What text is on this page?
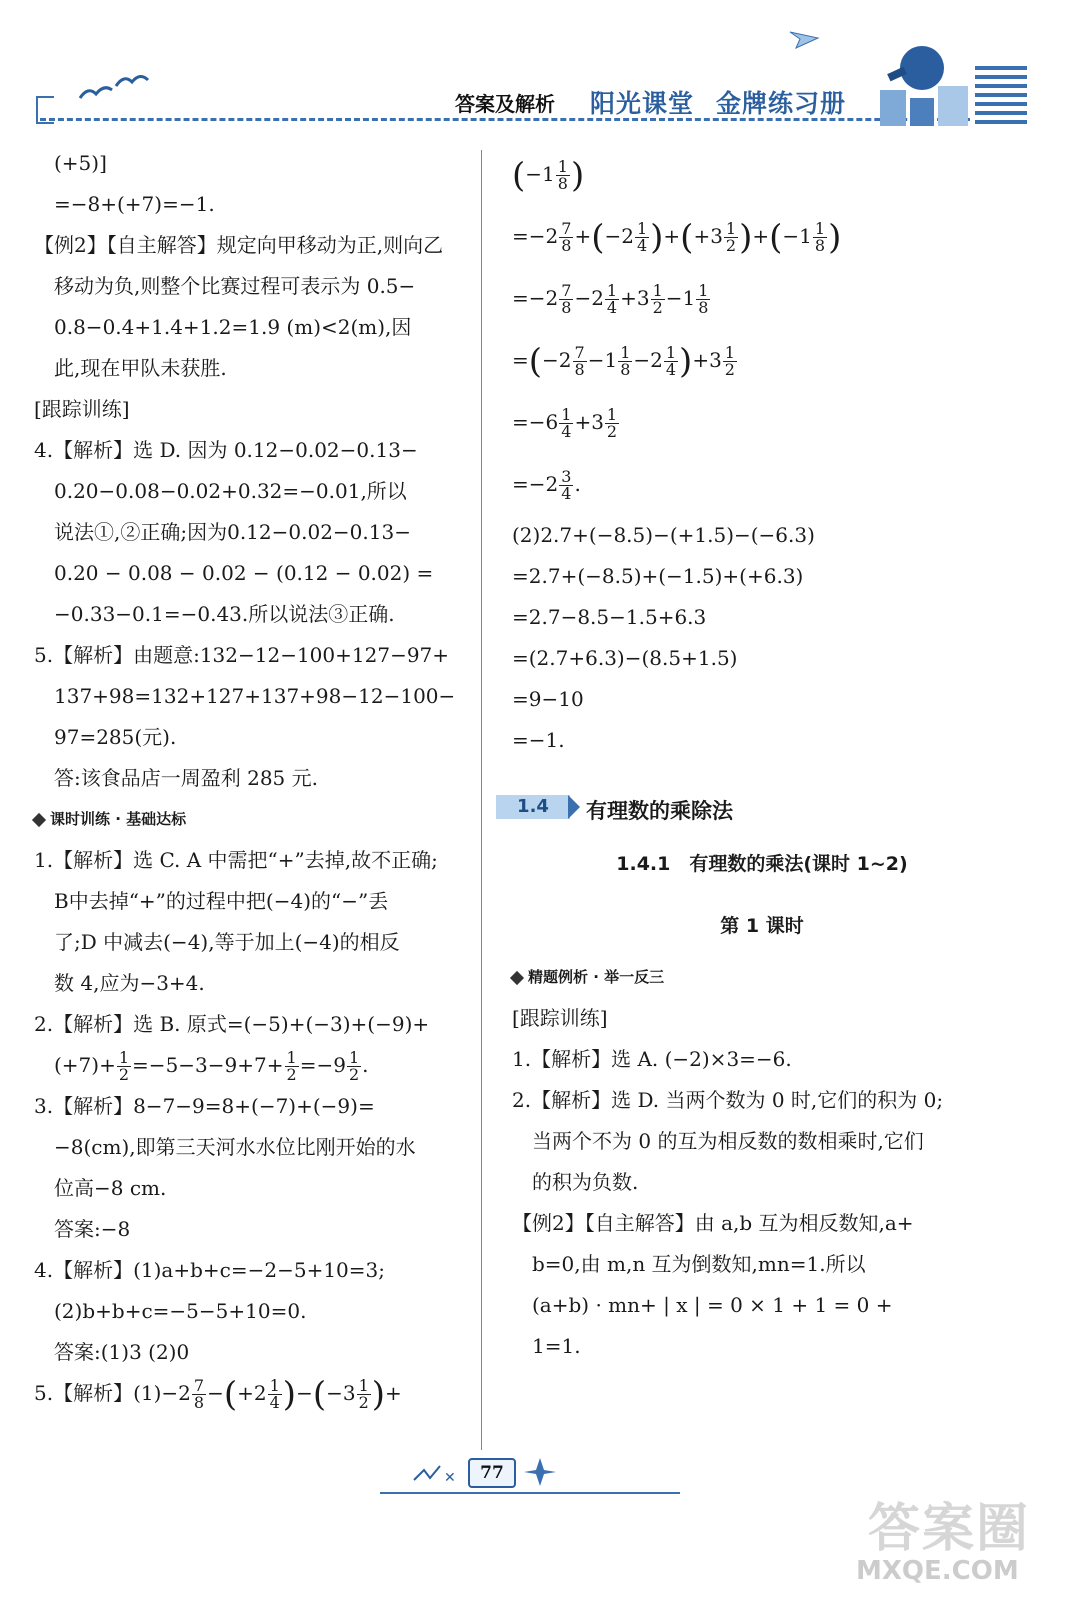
答案及解析 阳光课堂 金牌练习册
(+5)]
=−8+(+7)=−1.
【例2】【自主解答】规定向甲移动为正,则向乙
移动为负,则整个比赛过程可表示为 0.5−
0.8−0.4+1.4+1.2=1.9 (m)<2(m),因
此,现在甲队未获胜.
[跟踪训练]
4.【解析】选 D. 因为 0.12−0.02−0.13−
0.20−0.08−0.02+0.32=−0.01,所以
说法①,②正确;因为0.12−0.02−0.13−
0.20 − 0.08 − 0.02 − (0.12 − 0.02) =
−0.33−0.1=−0.43.所以说法③正确.
5.【解析】由题意:132−12−100+127−97+
137+98=132+127+137+98−12−100−
97=285(元).
答:该食品店一周盈利 285 元.
课时训练 · 基础达标
1.【解析】选 C. A 中需把“+”去掉,故不正确;
B中去掉“+”的过程中把(−4)的“−”丢
了;D 中减去(−4),等于加上(−4)的相反
数 4,应为−3+4.
2.【解析】选 B. 原式=(−5)+(−3)+(−9)+
$(+7)+ \frac{1}{2} =-5-3-9+7+ \frac{1}{2} =-9 \frac{1}{2}$ .
3.【解析】8−7−9=8+(−7)+(−9)=
−8(cm),即第三天河水水位比刚开始的水
位高−8 cm.
答案:−8
4.【解析】(1)a+b+c=−2−5+10=3;
(2)b+b+c=−5−5+10=0.
答案:(1)3 (2)0
5.【解析】$(1)-2 \frac{7}{8} -(+2 \frac{1}{4} )-(-3 \frac{1}{2}$ )+
($-1 \frac{1}{8}$ )
$=-2 \frac{7}{8} +(-2 \frac{1}{4} )+(+3 \frac{1}{2} )+(-1 \frac{1}{8}$ )
$=-2 \frac{7}{8} -2 \frac{1}{4} +3 \frac{1}{2} -1 \frac{1}{8}$
$=(-2 \frac{7}{8} -1 \frac{1}{8} -2 \frac{1}{4} )+3 \frac{1}{2}$
$=-6 \frac{1}{4} +3 \frac{1}{2}$
$=-2 \frac{3}{4}$ .
(2)2.7+(−8.5)−(+1.5)−(−6.3)
=2.7+(−8.5)+(−1.5)+(+6.3)
=2.7−8.5−1.5+6.3
=(2.7+6.3)−(8.5+1.5)
=9−10
=−1.
1.4	有理数的乘除法
1.4.1　有理数的乘法(课时 1~2)
第 1 课时
精题例析 · 举一反三
[跟踪训练]
1.【解析】选 A. (−2)×3=−6.
2.【解析】选 D. 当两个数为 0 时,它们的积为 0;
当两个不为 0 的互为相反数的数相乘时,它们
的积为负数.
【例2】【自主解答】由 a,b 互为相反数知,a+
b=0,由 m,n 互为倒数知,mn=1.所以
(a+b) · mn+ | x | = 0 × 1 + 1 = 0 +
1=1.
✕	77
答案圈
MXQE.COM
